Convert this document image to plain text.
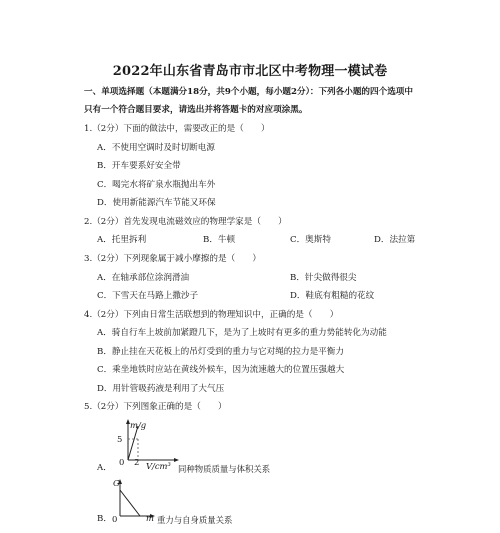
2022年山东省青岛市市北区中考物理一模试卷
一、单项选择题（本题满分18分，共9个小题，每小题2分）：下列各小题的四个选项中
只有一个符合题目要求，请选出并将答题卡的对应项涂黑。
1.（2分）下面的做法中，需要改正的是（　　）
A．不使用空调时及时切断电源
B．开车要系好安全带
C．喝完水将矿泉水瓶抛出车外
D．使用新能源汽车节能又环保
2.（2分）首先发现电流磁效应的物理学家是（　　）
A．托里拆利	B．牛顿	C．奥斯特	D．法拉第
3.（2分）下列现象属于减小摩擦的是（　　）
A．在轴承部位涂润滑油	B．针尖做得很尖
C．下雪天在马路上撒沙子	D．鞋底有粗糙的花纹
4.（2分）下列由日常生活联想到的物理知识中，正确的是（　　）
A．骑自行车上坡前加紧蹬几下，是为了上坡时有更多的重力势能转化为动能
B．静止挂在天花板上的吊灯受到的重力与它对绳的拉力是平衡力
C．乘坐地铁时应站在黄线外候车，因为流速越大的位置压强越大
D．用针管吸药液是利用了大气压
5.（2分）下列图象正确的是（　　）
A．
m/g
5
0 2 V/cm³ 同种物质质量与体积关系
B．
G
0	m 重力与自身质量关系
